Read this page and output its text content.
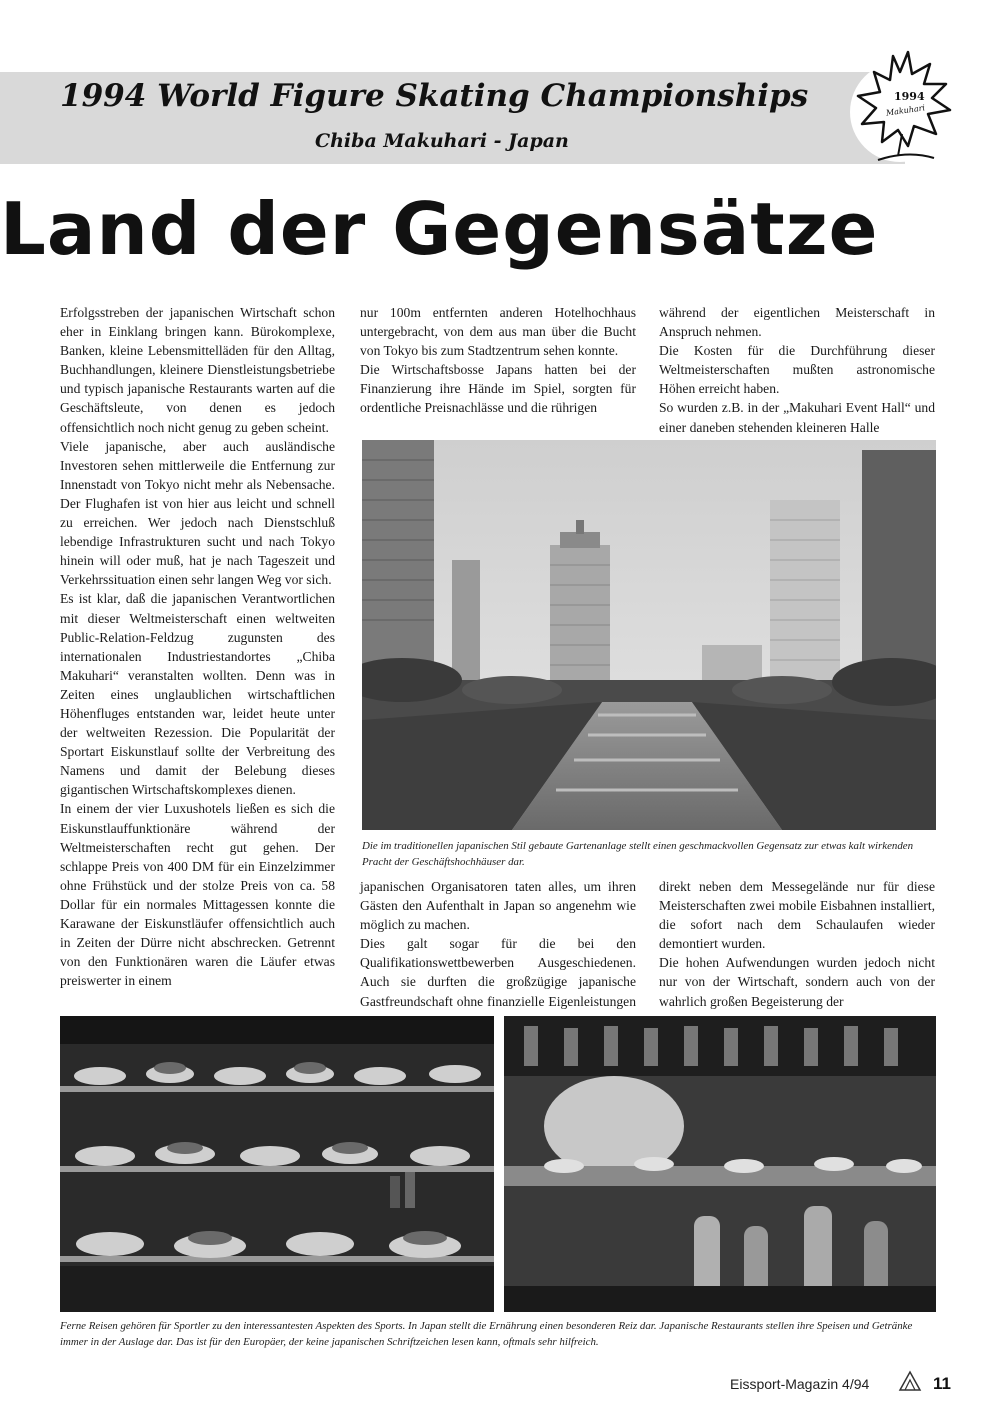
1994 World Figure Skating Championships
Chiba Makuhari - Japan
1994
Makuhari
Land der Gegensätze

Erfolgsstreben der japanischen Wirtschaft schon eher in Einklang bringen kann. Bürokomplexe, Banken, kleine Lebensmittelläden für den Alltag, Buchhandlungen, kleinere Dienstleistungsbetriebe und typisch japanische Restaurants warten auf die Geschäftsleute, von denen es jedoch offensichtlich noch nicht genug zu geben scheint.

Viele japanische, aber auch ausländische Investoren sehen mittlerweile die Entfernung zur Innenstadt von Tokyo nicht mehr als Nebensache. Der Flughafen ist von hier aus leicht und schnell zu erreichen. Wer jedoch nach Dienstschluß lebendige Infrastrukturen sucht und nach Tokyo hinein will oder muß, hat je nach Tageszeit und Verkehrssituation einen sehr langen Weg vor sich.

Es ist klar, daß die japanischen Verantwortlichen mit dieser Weltmeisterschaft einen weltweiten Public-Relation-Feldzug zugunsten des internationalen Industriestandortes „Chiba Makuhari“ veranstalten wollten. Denn was in Zeiten eines unglaublichen wirtschaftlichen Höhenfluges entstanden war, leidet heute unter der weltweiten Rezession. Die Popularität der Sportart Eiskunstlauf sollte der Verbreitung des Namens und damit der Belebung dieses gigantischen Wirtschaftskomplexes dienen.

In einem der vier Luxushotels ließen es sich die Eiskunstlauffunktionäre während der Weltmeisterschaften recht gut gehen. Der schlappe Preis von 400 DM für ein Einzelzimmer ohne Frühstück und der stolze Preis von ca. 58 Dollar für ein normales Mittagessen konnte die Karawane der Eiskunstläufer offensichtlich auch in Zeiten der Dürre nicht abschrecken. Getrennt von den Funktionären waren die Läufer etwas preiswerter in einem

nur 100m entfernten anderen Hotelhochhaus untergebracht, von dem aus man über die Bucht von Tokyo bis zum Stadtzentrum sehen konnte.

Die Wirtschaftsbosse Japans hatten bei der Finanzierung ihre Hände im Spiel, sorgten für ordentliche Preisnachlässe und die rührigen

während der eigentlichen Meisterschaft in Anspruch nehmen.

Die Kosten für die Durchführung dieser Weltmeisterschaften mußten astronomische Höhen erreicht haben.

So wurden z.B. in der „Makuhari Event Hall“ und einer daneben stehenden kleineren Halle

Die im traditionellen japanischen Stil gebaute Gartenanlage stellt einen geschmackvollen Gegensatz zur etwas kalt wirkenden Pracht der Geschäftshochhäuser dar.

japanischen Organisatoren taten alles, um ihren Gästen den Aufenthalt in Japan so angenehm wie möglich zu machen.

Dies galt sogar für die bei den Qualifikationswettbewerben Ausgeschiedenen. Auch sie durften die großzügige japanische Gastfreundschaft ohne finanzielle Eigenleistungen

direkt neben dem Messegelände nur für diese Meisterschaften zwei mobile Eisbahnen installiert, die sofort nach dem Schaulaufen wieder demontiert wurden.

Die hohen Aufwendungen wurden jedoch nicht nur von der Wirtschaft, sondern auch von der wahrlich großen Begeisterung der

Ferne Reisen gehören für Sportler zu den interessantesten Aspekten des Sports. In Japan stellt die Ernährung einen besonderen Reiz dar. Japanische Restaurants stellen ihre Speisen und Getränke immer in der Auslage dar. Das ist für den Europäer, der keine japanischen Schriftzeichen lesen kann, oftmals sehr hilfreich.
Eissport-Magazin 4/94	11
